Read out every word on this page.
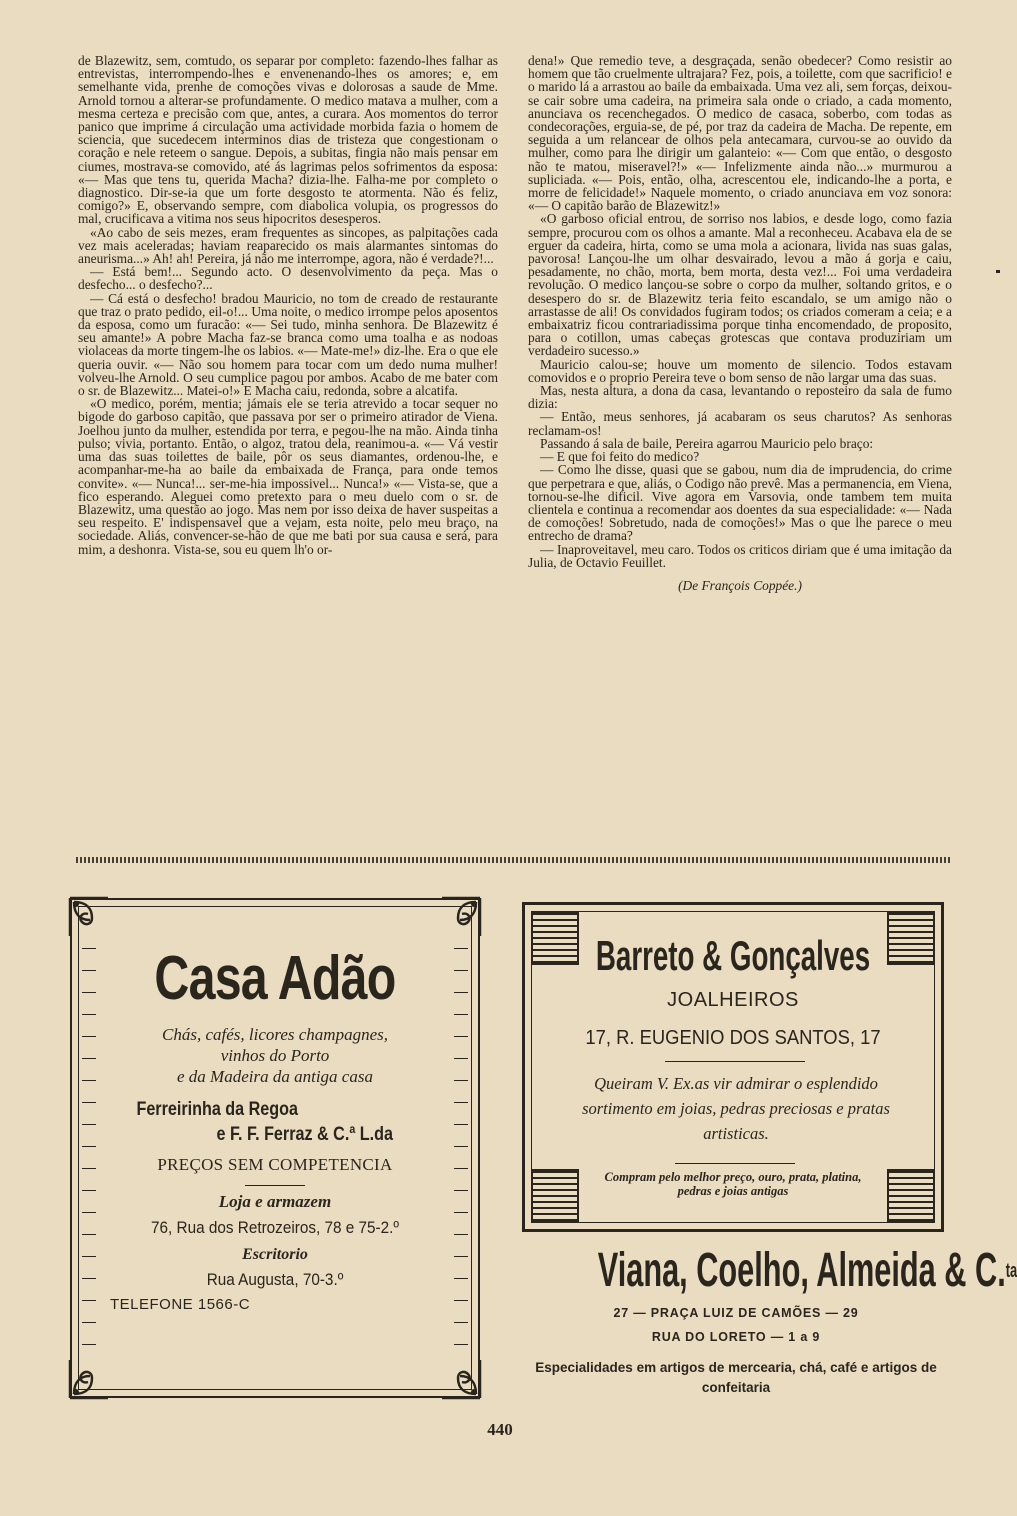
de Blazewitz, sem, comtudo, os separar por completo: fazendo-lhes falhar as entrevistas, interrompendo-lhes e envenenando-lhes os amores; e, em semelhante vida, prenhe de comoções vivas e dolorosas a saude de Mme. Arnold tornou a alterar-se profundamente. O medico matava a mulher, com a mesma certeza e precisão com que, antes, a curara. Aos momentos do terror panico que imprime á circulação uma actividade morbida fazia o homem de sciencia, que sucedecem interminos dias de tristeza que congestionam o coração e nele reteem o sangue. Depois, a subitas, fingia não mais pensar em ciumes, mostrava-se comovido, até ás lagrimas pelos sofrimentos da esposa: «— Mas que tens tu, querida Macha? dizia-lhe. Falha-me por completo o diagnostico. Dir-se-ia que um forte desgosto te atormenta. Não és feliz, comigo?» E, observando sempre, com diabolica volupia, os progressos do mal, crucificava a vitima nos seus hipocritos desesperos.

«Ao cabo de seis mezes, eram frequentes as sincopes, as palpitações cada vez mais aceleradas; haviam reaparecido os mais alarmantes sintomas do aneurisma...» Ah! ah! Pereira, já não me interrompe, agora, não é verdade?!...

— Está bem!... Segundo acto. O desenvolvimento da peça. Mas o desfecho... o desfecho?...

— Cá está o desfecho! bradou Mauricio, no tom de creado de restaurante que traz o prato pedido, eil-o!... Uma noite, o medico irrompe pelos aposentos da esposa, como um furacão: «— Sei tudo, minha senhora. De Blazewitz é seu amante!» A pobre Macha faz-se branca como uma toalha e as nodoas violaceas da morte tingem-lhe os labios. «— Mate-me!» diz-lhe. Era o que ele queria ouvir. «— Não sou homem para tocar com um dedo numa mulher! volveu-lhe Arnold. O seu cumplice pagou por ambos. Acabo de me bater com o sr. de Blazewitz... Matei-o!» E Macha caiu, redonda, sobre a alcatifa.

«O medico, porém, mentia; jámais ele se teria atrevido a tocar sequer no bigode do garboso capitão, que passava por ser o primeiro atirador de Viena. Joelhou junto da mulher, estendida por terra, e pegou-lhe na mão. Ainda tinha pulso; vivia, portanto. Então, o algoz, tratou dela, reanimou-a. «— Vá vestir uma das suas toilettes de baile, pôr os seus diamantes, ordenou-lhe, e acompanhar-me-ha ao baile da embaixada de França, para onde temos convite». «— Nunca!... ser-me-hia impossivel... Nunca!» «— Vista-se, que a fico esperando. Aleguei como pretexto para o meu duelo com o sr. de Blazewitz, uma questão ao jogo. Mas nem por isso deixa de haver suspeitas a seu respeito. E' indispensavel que a vejam, esta noite, pelo meu braço, na sociedade. Aliás, convencer-se-hão de que me bati por sua causa e será, para mim, a deshonra. Vista-se, sou eu quem lh'o or-

dena!» Que remedio teve, a desgraçada, senão obedecer? Como resistir ao homem que tão cruelmente ultrajara? Fez, pois, a toilette, com que sacrificio! e o marido lá a arrastou ao baile da embaixada. Uma vez ali, sem forças, deixou-se cair sobre uma cadeira, na primeira sala onde o criado, a cada momento, anunciava os recenchegados. O medico de casaca, soberbo, com todas as condecorações, erguia-se, de pé, por traz da cadeira de Macha. De repente, em seguida a um relancear de olhos pela antecamara, curvou-se ao ouvido da mulher, como para lhe dirigir um galanteio: «— Com que então, o desgosto não te matou, miseravel?!» «— Infelizmente ainda não...» murmurou a supliciada. «— Pois, então, olha, acrescentou ele, indicando-lhe a porta, e morre de felicidade!» Naquele momento, o criado anunciava em voz sonora: «— O capitão barão de Blazewitz!»

«O garboso oficial entrou, de sorriso nos labios, e desde logo, como fazia sempre, procurou com os olhos a amante. Mal a reconheceu. Acabava ela de se erguer da cadeira, hirta, como se uma mola a acionara, livida nas suas galas, pavorosa! Lançou-lhe um olhar desvairado, levou a mão á gorja e caiu, pesadamente, no chão, morta, bem morta, desta vez!... Foi uma verdadeira revolução. O medico lançou-se sobre o corpo da mulher, soltando gritos, e o desespero do sr. de Blazewitz teria feito escandalo, se um amigo não o arrastasse de ali! Os convidados fugiram todos; os criados comeram a ceia; e a embaixatriz ficou contrariadissima porque tinha encomendado, de proposito, para o cotillon, umas cabeças grotescas que contava produziriam um verdadeiro sucesso.»

Mauricio calou-se; houve um momento de silencio. Todos estavam comovidos e o proprio Pereira teve o bom senso de não largar uma das suas.

Mas, nesta altura, a dona da casa, levantando o reposteiro da sala de fumo dizia:

— Então, meus senhores, já acabaram os seus charutos? As senhoras reclamam-os!

Passando á sala de baile, Pereira agarrou Mauricio pelo braço:

— E que foi feito do medico?

— Como lhe disse, quasi que se gabou, num dia de imprudencia, do crime que perpetrara e que, aliás, o Codigo não prevê. Mas a permanencia, em Viena, tornou-se-lhe dificil. Vive agora em Varsovia, onde tambem tem muita clientela e continua a recomendar aos doentes da sua especialidade: «— Nada de comoções! Sobretudo, nada de comoções!» Mas o que lhe parece o meu entrecho de drama?

— Inaproveitavel, meu caro. Todos os criticos diriam que é uma imitação da Julia, de Octavio Feuillet.

(De François Coppée.)

Casa Adão
Chás, cafés, licores champagnes,
vinhos do Porto
e da Madeira da antiga casa
Ferreirinha da Regoa
e F. F. Ferraz & C.ª L.da
PREÇOS SEM COMPETENCIA
Loja e armazem
76, Rua dos Retrozeiros, 78 e 75-2.º
Escritorio
Rua Augusta, 70-3.º
TELEFONE 1566-C
Barreto & Gonçalves
JOALHEIROS
17, R. EUGENIO DOS SANTOS, 17
Queiram V. Ex.as vir admirar o esplendido sortimento em joias, pedras preciosas e pratas artisticas.
Compram pelo melhor preço, ouro, prata, platina, pedras e joias antigas
Viana, Coelho, Almeida & C.$^{ta}$
27 — PRAÇA LUIZ DE CAMÕES — 29
RUA DO LORETO — 1 a 9
Especialidades em artigos de mercearia, chá, café e artigos de confeitaria
440
